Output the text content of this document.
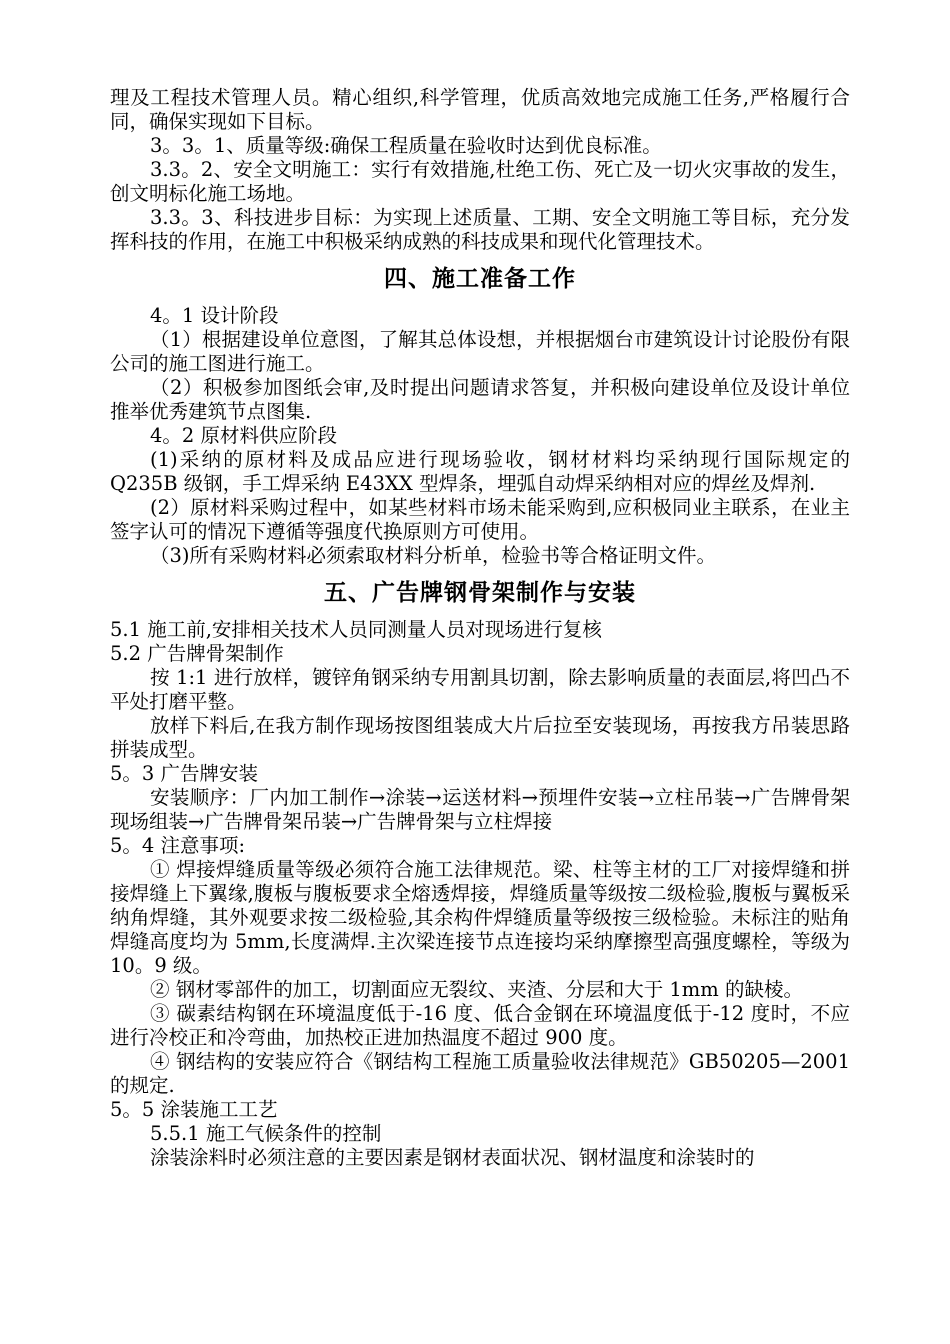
理及工程技术管理人员。精心组织,科学管理，优质高效地完成施工任务,严格履行合同，确保实现如下目标。

3。3。1、质量等级:确保工程质量在验收时达到优良标准。

3.3。2、安全文明施工：实行有效措施,杜绝工伤、死亡及一切火灾事故的发生，创文明标化施工场地。

3.3。3、科技进步目标：为实现上述质量、工期、安全文明施工等目标，充分发挥科技的作用，在施工中积极采纳成熟的科技成果和现代化管理技术。

四、施工准备工作

4。1 设计阶段

（1）根据建设单位意图，了解其总体设想，并根据烟台市建筑设计讨论股份有限公司的施工图进行施工。

（2）积极参加图纸会审,及时提出问题请求答复，并积极向建设单位及设计单位推举优秀建筑节点图集.

4。2 原材料供应阶段

(1)采纳的原材料及成品应进行现场验收，钢材材料均采纳现行国际规定的 Q235B 级钢，手工焊采纳 E43XX 型焊条，埋弧自动焊采纳相对应的焊丝及焊剂.

(2）原材料采购过程中，如某些材料市场未能采购到,应积极同业主联系，在业主签字认可的情况下遵循等强度代换原则方可使用。

（3)所有采购材料必须索取材料分析单，检验书等合格证明文件。

五、广告牌钢骨架制作与安装

5.1 施工前,安排相关技术人员同测量人员对现场进行复核

5.2 广告牌骨架制作

按 1:1 进行放样，镀锌角钢采纳专用割具切割，除去影响质量的表面层,将凹凸不平处打磨平整。

放样下料后,在我方制作现场按图组装成大片后拉至安装现场，再按我方吊装思路拼装成型。

5。3 广告牌安装

安装顺序：厂内加工制作→涂装→运送材料→预埋件安装→立柱吊装→广告牌骨架现场组装→广告牌骨架吊装→广告牌骨架与立柱焊接

5。4 注意事项:

① 焊接焊缝质量等级必须符合施工法律规范。梁、柱等主材的工厂对接焊缝和拼接焊缝上下翼缘,腹板与腹板要求全熔透焊接，焊缝质量等级按二级检验,腹板与翼板采纳角焊缝，其外观要求按二级检验,其余构件焊缝质量等级按三级检验。未标注的贴角焊缝高度均为 5mm,长度满焊.主次梁连接节点连接均采纳摩擦型高强度螺栓，等级为 10。9 级。

② 钢材零部件的加工，切割面应无裂纹、夹渣、分层和大于 1mm 的缺棱。

③ 碳素结构钢在环境温度低于-16 度、低合金钢在环境温度低于-12 度时，不应进行冷校正和冷弯曲，加热校正进加热温度不超过 900 度。

④ 钢结构的安装应符合《钢结构工程施工质量验收法律规范》GB50205—2001 的规定.

5。5 涂装施工工艺

5.5.1 施工气候条件的控制

涂装涂料时必须注意的主要因素是钢材表面状况、钢材温度和涂装时的
